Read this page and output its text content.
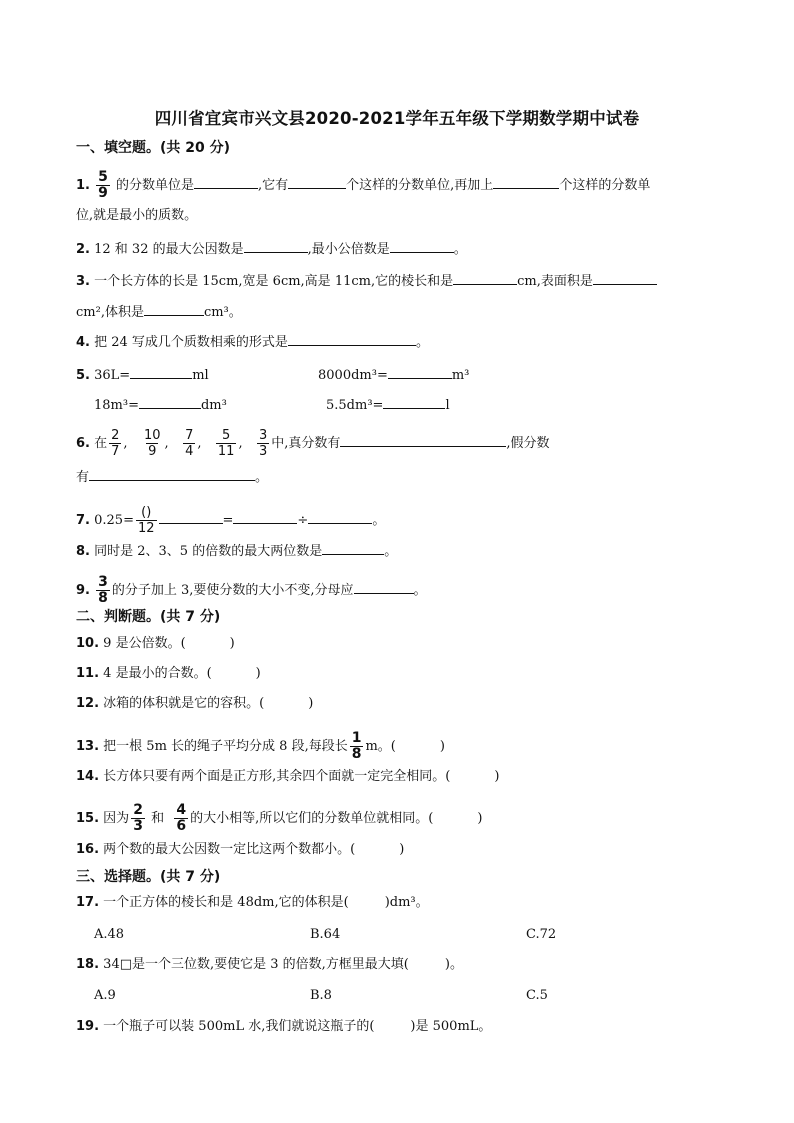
四川省宜宾市兴文县2020-2021学年五年级下学期数学期中试卷
一、填空题。(共 20 分)
1. $\frac{5}{9}$ 的分数单位是	,它有	个这样的分数单位,再加上	个这样的分数单
位,就是最小的质数。
2. 12 和 32 的最大公因数是	,最小公倍数是	。
3. 一个长方体的长是 15cm,宽是 6cm,高是 11cm,它的棱长和是	cm,表面积是
cm²,体积是	cm³。
4. 把 24 写成几个质数相乘的形式是	。
5. 36L=	ml	8000dm³=	m³
18m³=	dm³	5.5dm³=	l
6. 在 $\frac{2}{7}$ , $\frac{10}{9}$ , $\frac{7}{4}$ , $\frac{5}{11}$ , $\frac{3}{3}$ 中,真分数有	,假分数
有	。
7. $0.25= \frac{()}{12}$	=	÷	。
8. 同时是 2、3、5 的倍数的最大两位数是	。
9. $\frac{3}{8}$ 的分子加上 3,要使分数的大小不变,分母应	。
二、判断题。(共 7 分)
10. 9 是公倍数。(	)
11. 4 是最小的合数。(	)
12. 冰箱的体积就是它的容积。(	)
13. 把一根 5m 长的绳子平均分成 8 段,每段长 $\frac{1}{8}$ m。(	)
14. 长方体只要有两个面是正方形,其余四个面就一定完全相同。(	)
15. 因为 $\frac{2}{3}$ 和 $\frac{4}{6}$ 的大小相等,所以它们的分数单位就相同。(	)
16. 两个数的最大公因数一定比这两个数都小。(	)
三、选择题。(共 7 分)
17. 一个正方体的棱长和是 48dm,它的体积是(	)dm³。
A.48	B.64	C.72
18. 34□是一个三位数,要使它是 3 的倍数,方框里最大填(	)。
A.9	B.8	C.5
19. 一个瓶子可以装 500mL 水,我们就说这瓶子的(	)是 500mL。
